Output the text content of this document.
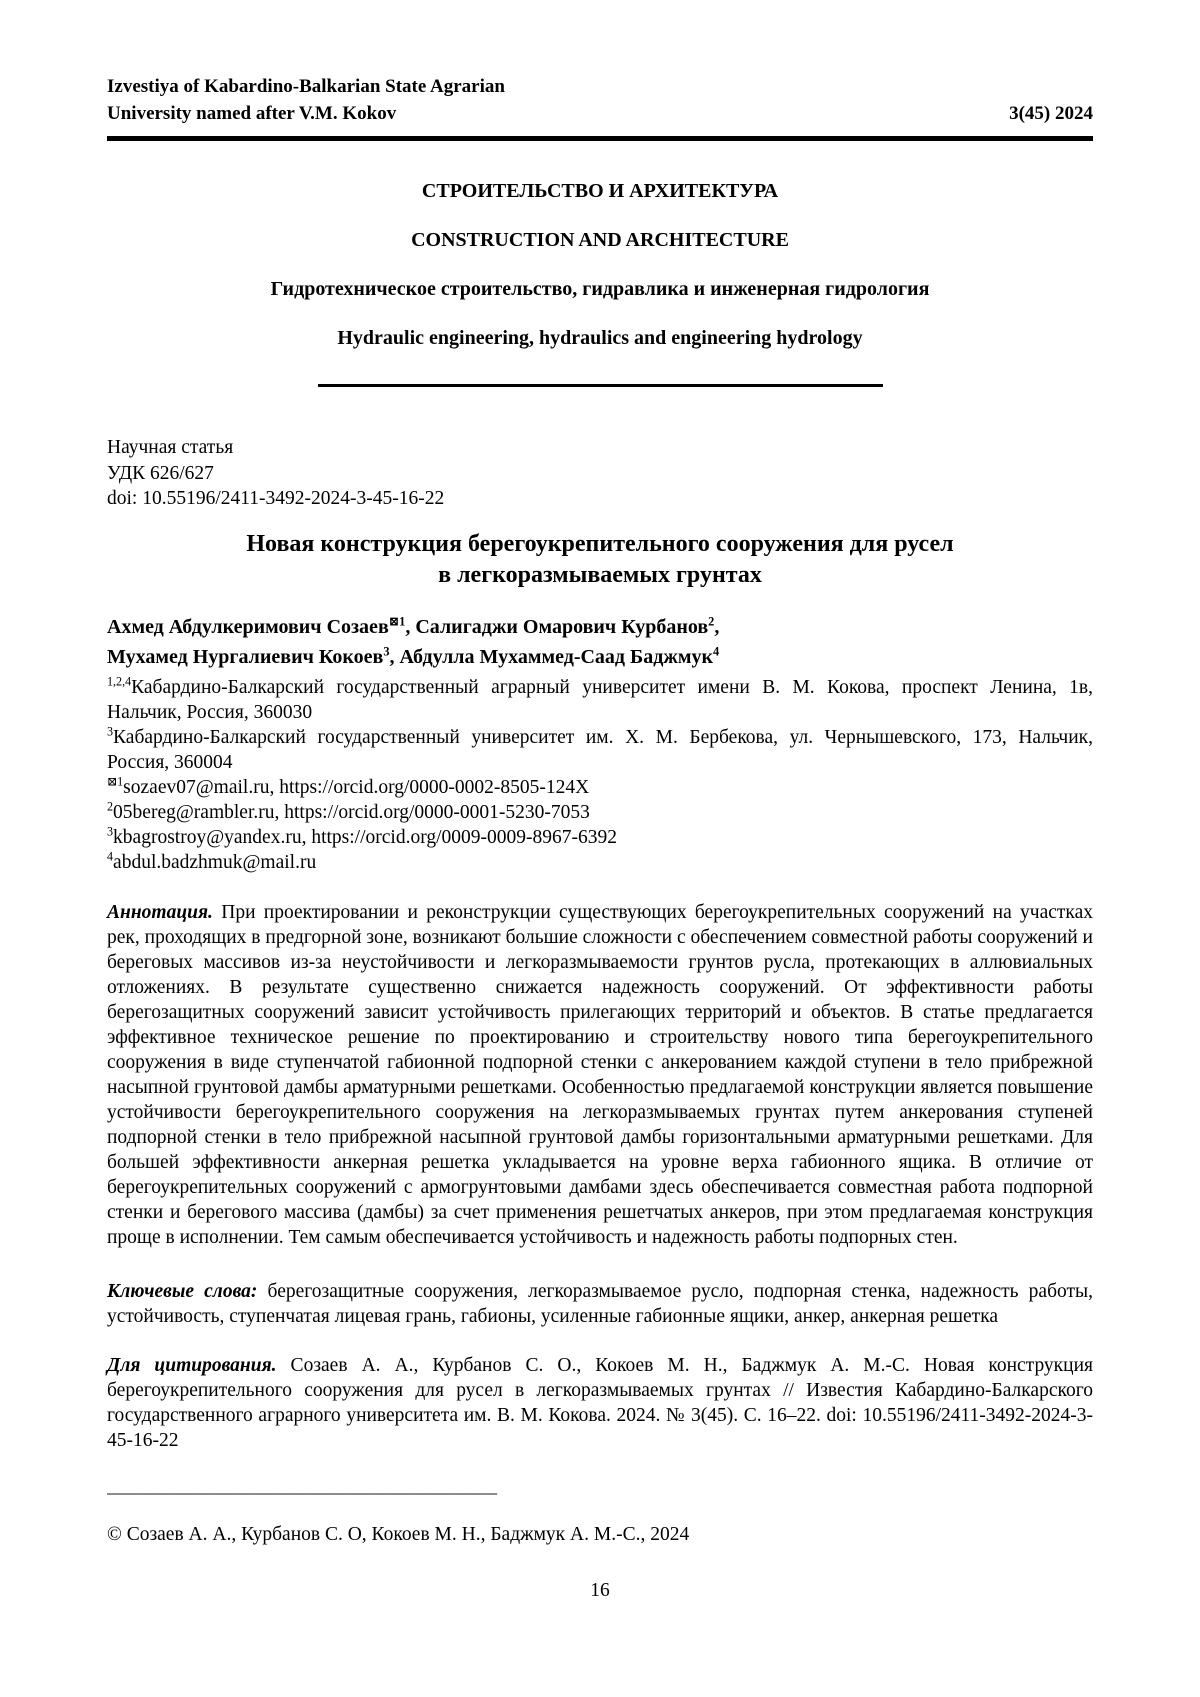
Izvestiya of Kabardino-Balkarian State Agrarian
University named after V.M. Kokov	3(45) 2024
СТРОИТЕЛЬСТВО И АРХИТЕКТУРА
CONSTRUCTION AND ARCHITECTURE
Гидротехническое строительство, гидравлика и инженерная гидрология
Hydraulic engineering, hydraulics and engineering hydrology
Научная статья
УДК 626/627
doi: 10.55196/2411-3492-2024-3-45-16-22
Новая конструкция берегоукрепительного сооружения для русел
в легкоразмываемых грунтах
Ахмед Абдулкеримович Созаев$^{⊠1}$, Салигаджи Омарович Курбанов$^2$,
Мухамед Нургалиевич Кокоев$^3$, Абдулла Мухаммед-Саад Баджмук$^4$
$^{1,2,4}$Кабардино-Балкарский государственный аграрный университет имени В. М. Кокова, проспект Ленина, 1в, Нальчик, Россия, 360030
$^3$Кабардино-Балкарский государственный университет им. Х. М. Бербекова, ул. Чернышевского, 173, Нальчик, Россия, 360004
$^{⊠1}$sozaev07@mail.ru, https://orcid.org/0000-0002-8505-124X
$^2$05bereg@rambler.ru, https://orcid.org/0000-0001-5230-7053
$^3$kbagrostroy@yandex.ru, https://orcid.org/0009-0009-8967-6392
$^4$abdul.badzhmuk@mail.ru

Аннотация. При проектировании и реконструкции существующих берегоукрепительных сооружений на участках рек, проходящих в предгорной зоне, возникают большие сложности с обеспечением совместной работы сооружений и береговых массивов из-за неустойчивости и легкоразмываемости грунтов русла, протекающих в аллювиальных отложениях. В результате существенно снижается надежность сооружений. От эффективности работы берегозащитных сооружений зависит устойчивость прилегающих территорий и объектов. В статье предлагается эффективное техническое решение по проектированию и строительству нового типа берегоукрепительного сооружения в виде ступенчатой габионной подпорной стенки с анкерованием каждой ступени в тело прибрежной насыпной грунтовой дамбы арматурными решетками. Особенностью предлагаемой конструкции является повышение устойчивости берегоукрепительного сооружения на легкоразмываемых грунтах путем анкерования ступеней подпорной стенки в тело прибрежной насыпной грунтовой дамбы горизонтальными арматурными решетками. Для большей эффективности анкерная решетка укладывается на уровне верха габионного ящика. В отличие от берегоукрепительных сооружений с армогрунтовыми дамбами здесь обеспечивается совместная работа подпорной стенки и берегового массива (дамбы) за счет применения решетчатых анкеров, при этом предлагаемая конструкция проще в исполнении. Тем самым обеспечивается устойчивость и надежность работы подпорных стен.

Ключевые слова: берегозащитные сооружения, легкоразмываемое русло, подпорная стенка, надежность работы, устойчивость, ступенчатая лицевая грань, габионы, усиленные габионные ящики, анкер, анкерная решетка

Для цитирования. Созаев А. А., Курбанов С. О., Кокоев М. Н., Баджмук А. М.-С. Новая конструкция берегоукрепительного сооружения для русел в легкоразмываемых грунтах // Известия Кабардино-Балкарского государственного аграрного университета им. В. М. Кокова. 2024. № 3(45). С. 16–22. doi: 10.55196/2411-3492-2024-3-45-16-22

________________________________________
© Созаев А. А., Курбанов С. О, Кокоев М. Н., Баджмук А. М.-С., 2024
16
